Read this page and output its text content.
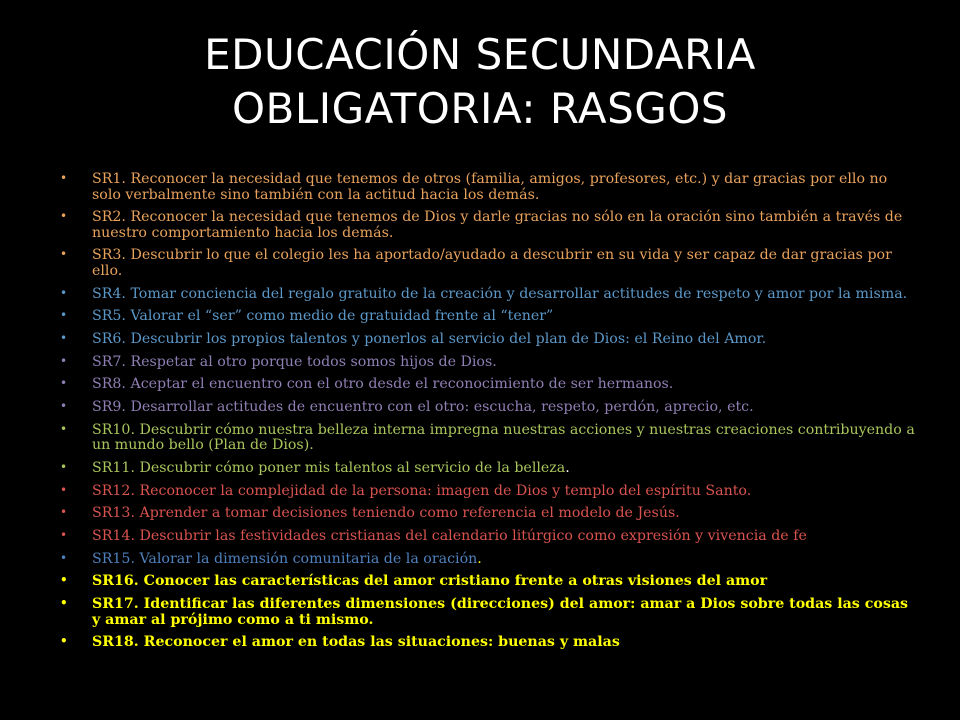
EDUCACIÓN SECUNDARIA
OBLIGATORIA: RASGOS
• SR1. Reconocer la necesidad que tenemos de otros (familia, amigos, profesores, etc.) y dar gracias por ello no solo verbalmente sino también con la actitud hacia los demás.
• SR2. Reconocer la necesidad que tenemos de Dios y darle gracias no sólo en la oración sino también a través de nuestro comportamiento hacia los demás.
• SR3. Descubrir lo que el colegio les ha aportado/ayudado a descubrir en su vida y ser capaz de dar gracias por ello.
• SR4. Tomar conciencia del regalo gratuito de la creación y desarrollar actitudes de respeto y amor por la misma.
• SR5. Valorar el “ser” como medio de gratuidad frente al “tener”
• SR6. Descubrir los propios talentos y ponerlos al servicio del plan de Dios: el Reino del Amor.
• SR7. Respetar al otro porque todos somos hijos de Dios.
• SR8. Aceptar el encuentro con el otro desde el reconocimiento de ser hermanos.
• SR9. Desarrollar actitudes de encuentro con el otro: escucha, respeto, perdón, aprecio, etc.
• SR10. Descubrir cómo nuestra belleza interna impregna nuestras acciones y nuestras creaciones contribuyendo a un mundo bello (Plan de Dios).
• SR11. Descubrir cómo poner mis talentos al servicio de la belleza.
• SR12. Reconocer la complejidad de la persona: imagen de Dios y templo del espíritu Santo.
• SR13. Aprender a tomar decisiones teniendo como referencia el modelo de Jesús.
• SR14. Descubrir las festividades cristianas del calendario litúrgico como expresión y vivencia de fe
• SR15. Valorar la dimensión comunitaria de la oración.
• SR16. Conocer las características del amor cristiano frente a otras visiones del amor
• SR17. Identificar las diferentes dimensiones (direcciones) del amor: amar a Dios sobre todas las cosas y amar al prójimo como a ti mismo.
• SR18. Reconocer el amor en todas las situaciones: buenas y malas
